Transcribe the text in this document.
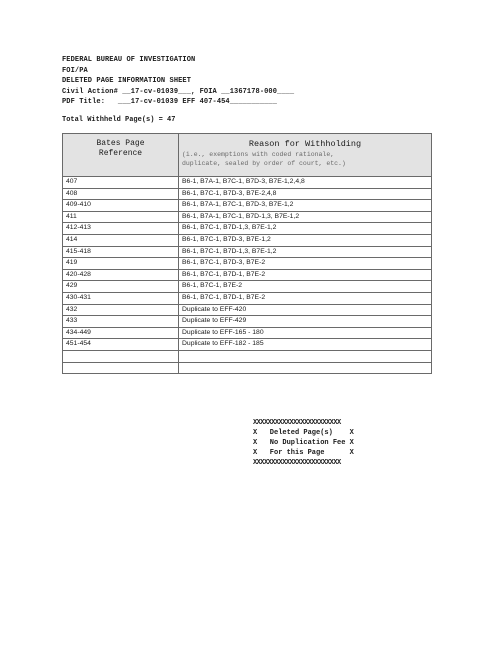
FEDERAL BUREAU OF INVESTIGATION
FOI/PA
DELETED PAGE INFORMATION SHEET
Civil Action# __17-cv-01039___, FOIA __1367178-000____
PDF Title:   ___17-cv-01039 EFF 407-454___________
Total Withheld Page(s) = 47
Bates Page
Reference	Reason for Withholding
(i.e., exemptions with coded rationale,
duplicate, sealed by order of court, etc.)

407	B6-1, B7A-1, B7C-1, B7D-3, B7E-1,2,4,8
408	B6-1, B7C-1, B7D-3, B7E-2,4,8
409-410	B6-1, B7A-1, B7C-1, B7D-3, B7E-1,2
411	B6-1, B7A-1, B7C-1, B7D-1,3, B7E-1,2
412-413	B6-1, B7C-1, B7D-1,3, B7E-1,2
414	B6-1, B7C-1, B7D-3, B7E-1,2
415-418	B6-1, B7C-1, B7D-1,3, B7E-1,2
419	B6-1, B7C-1, B7D-3, B7E-2
420-428	B6-1, B7C-1, B7D-1, B7E-2
429	B6-1, B7C-1, B7E-2
430-431	B6-1, B7C-1, B7D-1, B7E-2
432	Duplicate to EFF-420
433	Duplicate to EFF-429
434-449	Duplicate to EFF-165 - 180
451-454	Duplicate to EFF-182 - 185

XXXXXXXXXXXXXXXXXXXXXXXX
X   Deleted Page(s)    X
X   No Duplication Fee X
X   For this Page      X
XXXXXXXXXXXXXXXXXXXXXXXX
